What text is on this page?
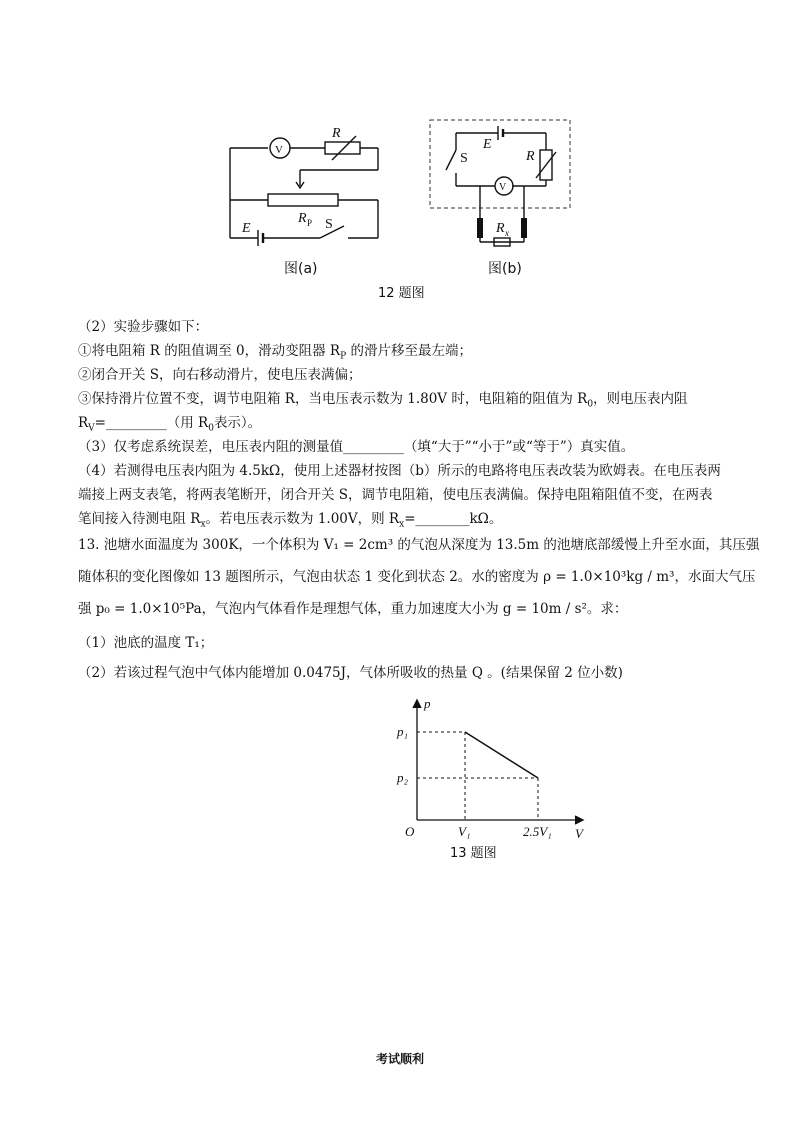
V
R
R P
E	S
图(a)
E
R
S
V
R x
图(b)
12 题图
（2）实验步骤如下：
①将电阻箱 R 的阻值调至 0，滑动变阻器 $R_P$ 的滑片移至最左端；
②闭合开关 S，向右移动滑片，使电压表满偏；
③保持滑片位置不变，调节电阻箱 R，当电压表示数为 1.80V 时，电阻箱的阻值为 $R_0$，则电压表内阻
$R_V=\_\_\_\_\_\_\_\_\_$（用 $R_0$表示）。
（3）仅考虑系统误差，电压表内阻的测量值_________（填“大于”“小于”或“等于”）真实值。
（4）若测得电压表内阻为 4.5kΩ，使用上述器材按图（b）所示的电路将电压表改装为欧姆表。在电压表两
端接上两支表笔，将两表笔断开，闭合开关 S，调节电阻箱，使电压表满偏。保持电阻箱阻值不变，在两表
笔间接入待测电阻 $R_x$。若电压表示数为 1.00V，则 $R_x=\_\_\_\_\_\_\_\_k\Omega$。
13. 池塘水面温度为 300K，一个体积为 V₁ = 2cm³ 的气泡从深度为 13.5m 的池塘底部缓慢上升至水面，其压强
随体积的变化图像如 13 题图所示，气泡由状态 1 变化到状态 2。水的密度为 ρ = 1.0×10³kg / m³，水面大气压
强 p₀ = 1.0×10⁵Pa，气泡内气体看作是理想气体，重力加速度大小为 g = 10m / s²。求：
（1）池底的温度 T₁；
（2）若该过程气泡中气体内能增加 0.0475J，气体所吸收的热量 Q 。(结果保留 2 位小数)
p
V
O
p₁
p₂
V₁	2.5V₁
13 题图
考试顺利
